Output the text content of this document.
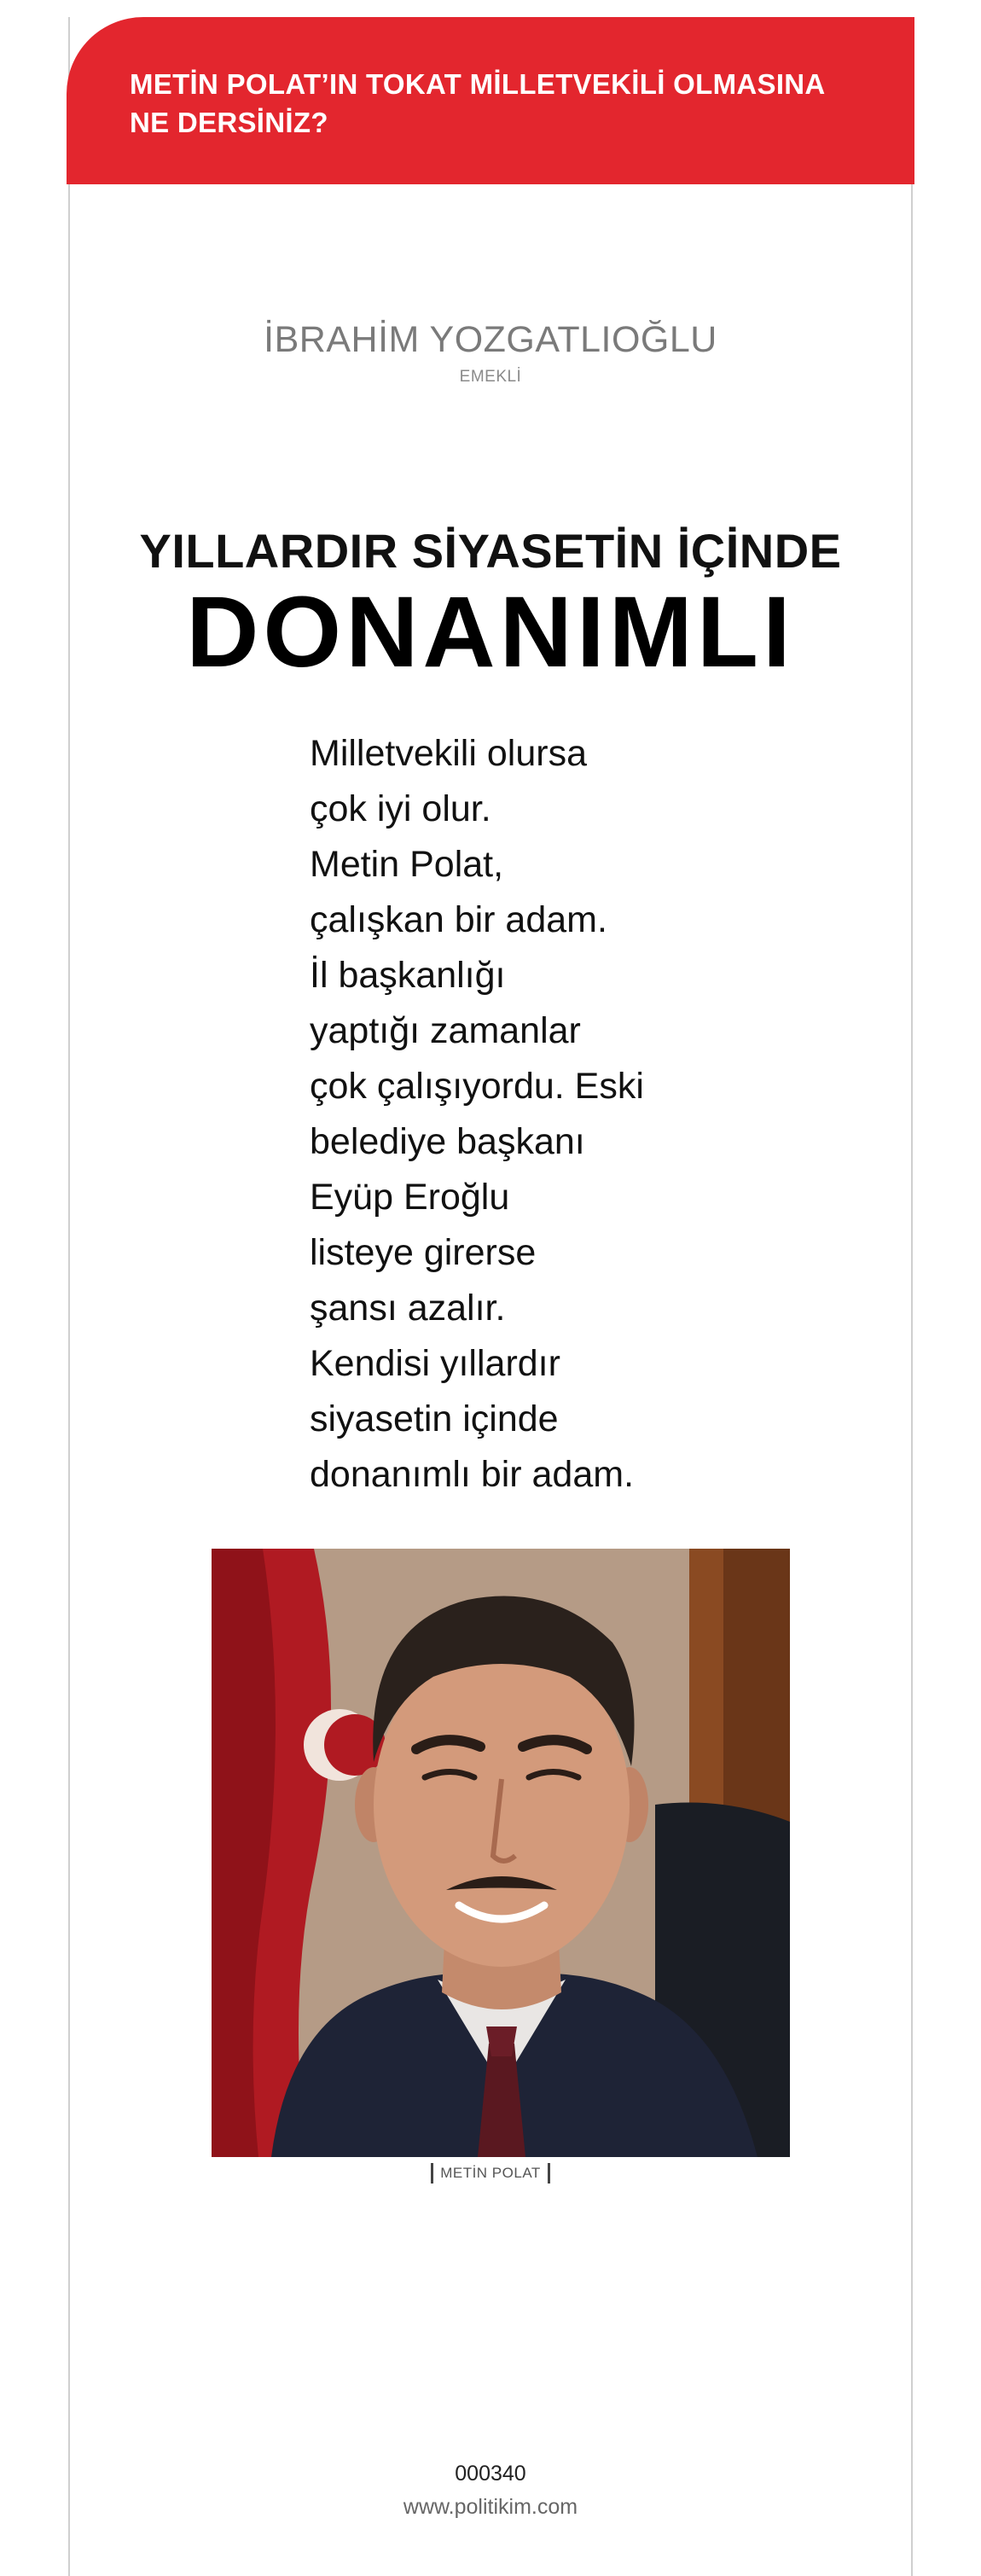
METİN POLAT’IN TOKAT MİLLETVEKİLİ OLMASINA
NE DERSİNİZ?
İBRAHİM YOZGATLIOĞLU
EMEKLİ
YILLARDIR SİYASETİN İÇİNDE
DONANIMLI
Milletvekili olursa
çok iyi olur.
Metin Polat,
çalışkan bir adam.
İl başkanlığı
yaptığı zamanlar
çok çalışıyordu. Eski
belediye başkanı
Eyüp Eroğlu
listeye girerse
şansı azalır.
Kendisi yıllardır
siyasetin içinde
donanımlı bir adam.
METİN POLAT
000340
www.politikim.com
